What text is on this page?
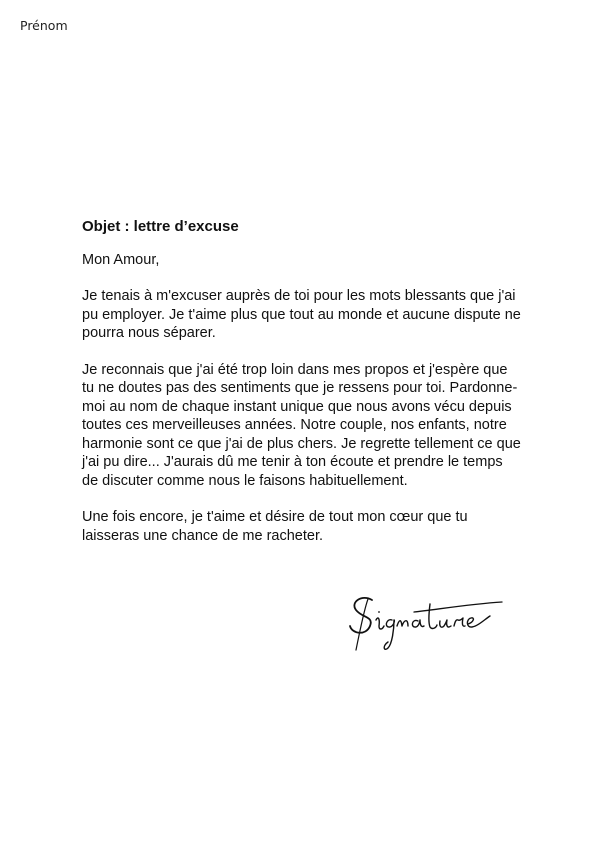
Prénom
Objet : lettre d’excuse
Mon Amour,

Je tenais à m'excuser auprès de toi pour les mots blessants que j'ai pu employer. Je t'aime plus que tout au monde et aucune dispute ne pourra nous séparer.

Je reconnais que j'ai été trop loin dans mes propos et j'espère que tu ne doutes pas des sentiments que je ressens pour toi. Pardonne-moi au nom de chaque instant unique que nous avons vécu depuis toutes ces merveilleuses années. Notre couple, nos enfants, notre harmonie sont ce que j'ai de plus chers. Je regrette tellement ce que j'ai pu dire... J'aurais dû me tenir à ton écoute et prendre le temps de discuter comme nous le faisons habituellement.

Une fois encore, je t'aime et désire de tout mon cœur que tu laisseras une chance de me racheter.
